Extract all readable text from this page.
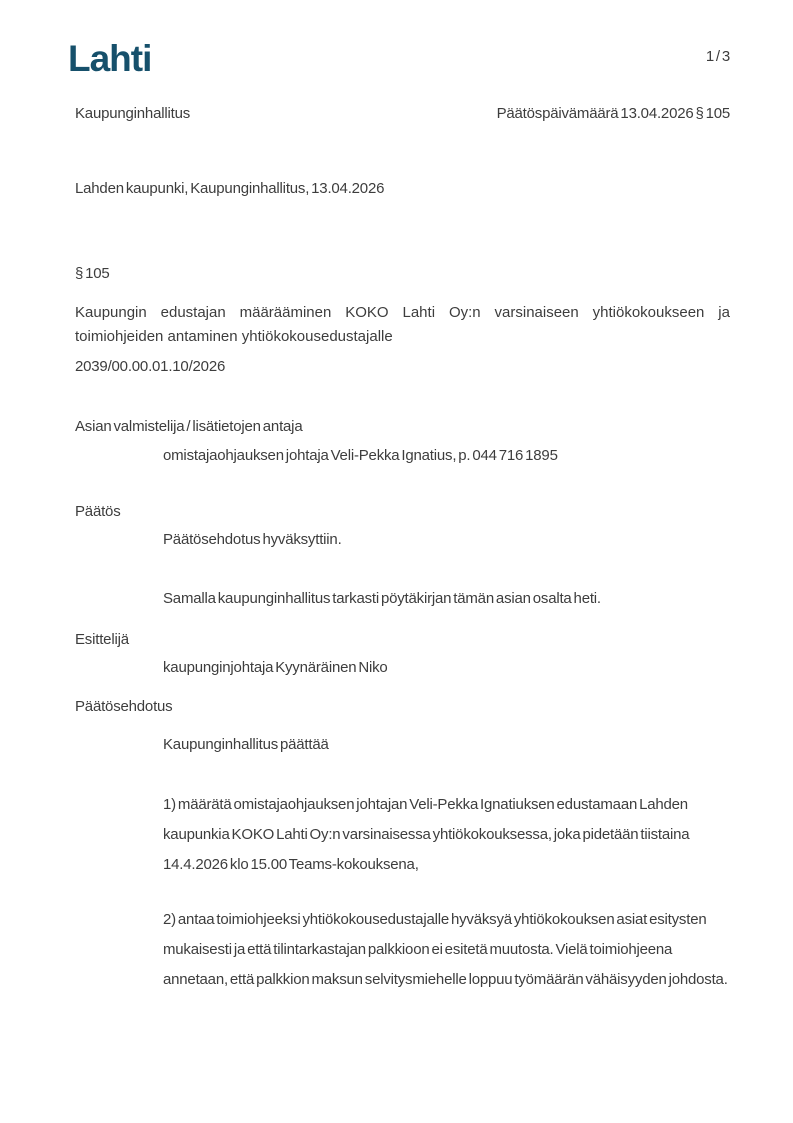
Lahti	1 / 3
Kaupunginhallitus	Päätöspäivämäärä 13.04.2026 § 105
Lahden kaupunki, Kaupunginhallitus, 13.04.2026
§ 105
Kaupungin edustajan määrääminen KOKO Lahti Oy:n varsinaiseen yhtiökokoukseen ja toimiohjeiden antaminen yhtiökokousedustajalle
2039/00.00.01.10/2026
Asian valmistelija / lisätietojen antaja
omistajaohjauksen johtaja Veli-Pekka Ignatius, p. 044 716 1895
Päätös
Päätösehdotus hyväksyttiin.
Samalla kaupunginhallitus tarkasti pöytäkirjan tämän asian osalta heti.
Esittelijä
kaupunginjohtaja Kyynäräinen Niko
Päätösehdotus
Kaupunginhallitus päättää
1) määrätä omistajaohjauksen johtajan Veli-Pekka Ignatiuksen edustamaan Lahden kaupunkia KOKO Lahti Oy:n varsinaisessa yhtiökokouksessa, joka pidetään tiistaina 14.4.2026 klo 15.00 Teams-kokouksena,
2) antaa toimiohjeeksi yhtiökokousedustajalle hyväksyä yhtiökokouksen asiat esitysten mukaisesti ja että tilintarkastajan palkkioon ei esitetä muutosta. Vielä toimiohjeena annetaan, että palkkion maksun selvitysmiehelle loppuu työmäärän vähäisyyden johdosta.
